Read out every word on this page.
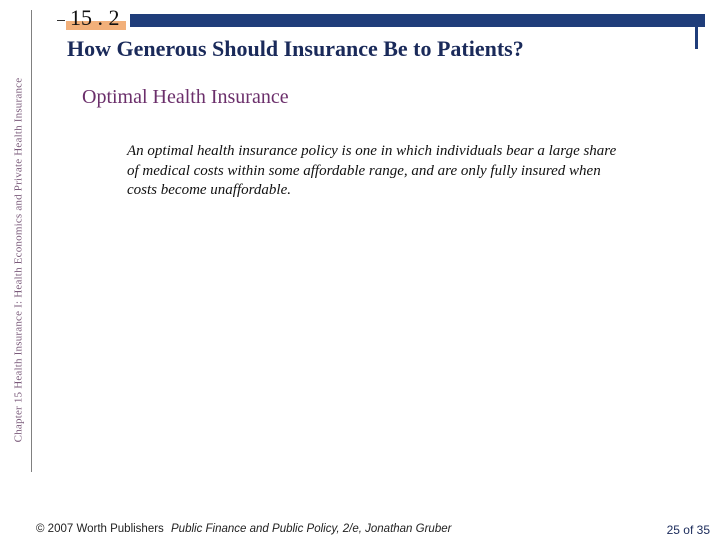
Chapter 15 Health Insurance I: Health Economics and Private Health Insurance
15 . 2
How Generous Should Insurance Be to Patients?
Optimal Health Insurance
An optimal health insurance policy is one in which individuals bear a large share of medical costs within some affordable range, and are only fully insured when costs become unaffordable.
© 2007 Worth Publishers Public Finance and Public Policy, 2/e, Jonathan Gruber	25 of 35
